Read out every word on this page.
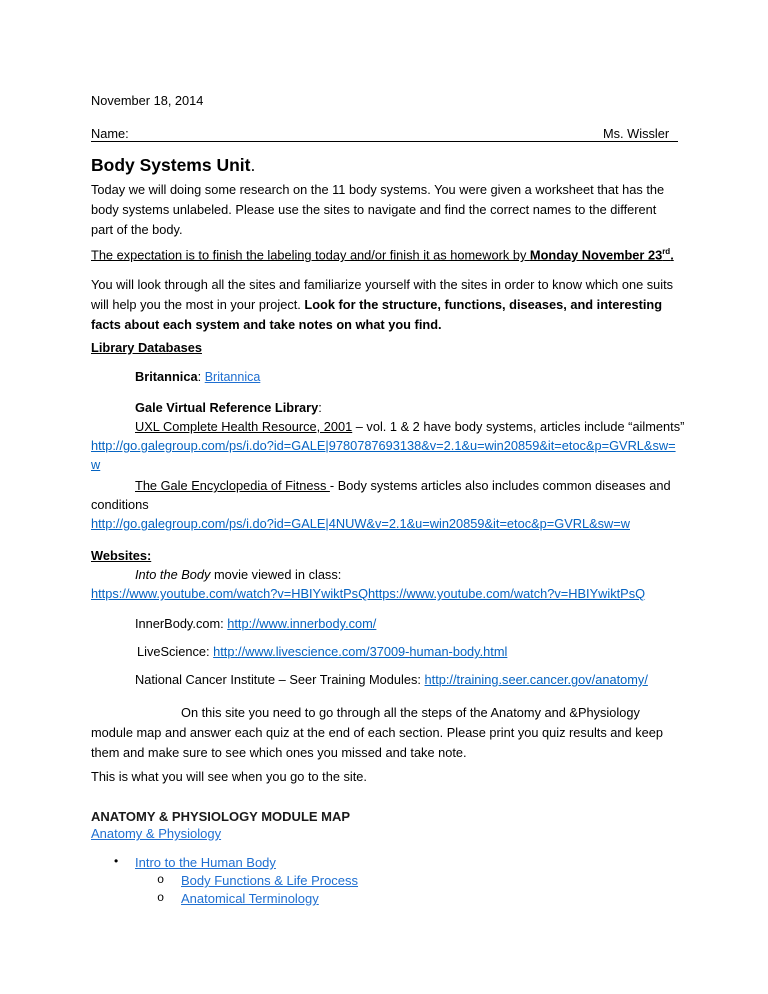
November 18, 2014
Name:	Ms. Wissler
Body Systems Unit.
Today we will doing some research on the 11 body systems. You were given a worksheet that has the body systems unlabeled. Please use the sites to navigate and find the correct names to the different part of the body.
The expectation is to finish the labeling today and/or finish it as homework by Monday November 23rd.
You will look through all the sites and familiarize yourself with the sites in order to know which one suits will help you the most in your project. Look for the structure, functions, diseases, and interesting facts about each system and take notes on what you find.
Library Databases
Britannica: Britannica
Gale Virtual Reference Library:
UXL Complete Health Resource, 2001 – vol. 1 & 2 have body systems, articles include “ailments”
http://go.galegroup.com/ps/i.do?id=GALE|9780787693138&v=2.1&u=win20859&it=etoc&p=GVRL&sw=
w
The Gale Encyclopedia of Fitness - Body systems articles also includes common diseases and
conditions
http://go.galegroup.com/ps/i.do?id=GALE|4NUW&v=2.1&u=win20859&it=etoc&p=GVRL&sw=w
Websites:
Into the Body movie viewed in class:
https://www.youtube.com/watch?v=HBIYwiktPsQhttps://www.youtube.com/watch?v=HBIYwiktPsQ
InnerBody.com: http://www.innerbody.com/
LiveScience: http://www.livescience.com/37009-human-body.html
National Cancer Institute – Seer Training Modules: http://training.seer.cancer.gov/anatomy/
On this site you need to go through all the steps of the Anatomy and &Physiology module map and answer each quiz at the end of each section. Please print you quiz results and keep them and make sure to see which ones you missed and take note.
This is what you will see when you go to the site.
ANATOMY & PHYSIOLOGY MODULE MAP
Anatomy & Physiology
• Intro to the Human Body
o Body Functions & Life Process
o Anatomical Terminology
